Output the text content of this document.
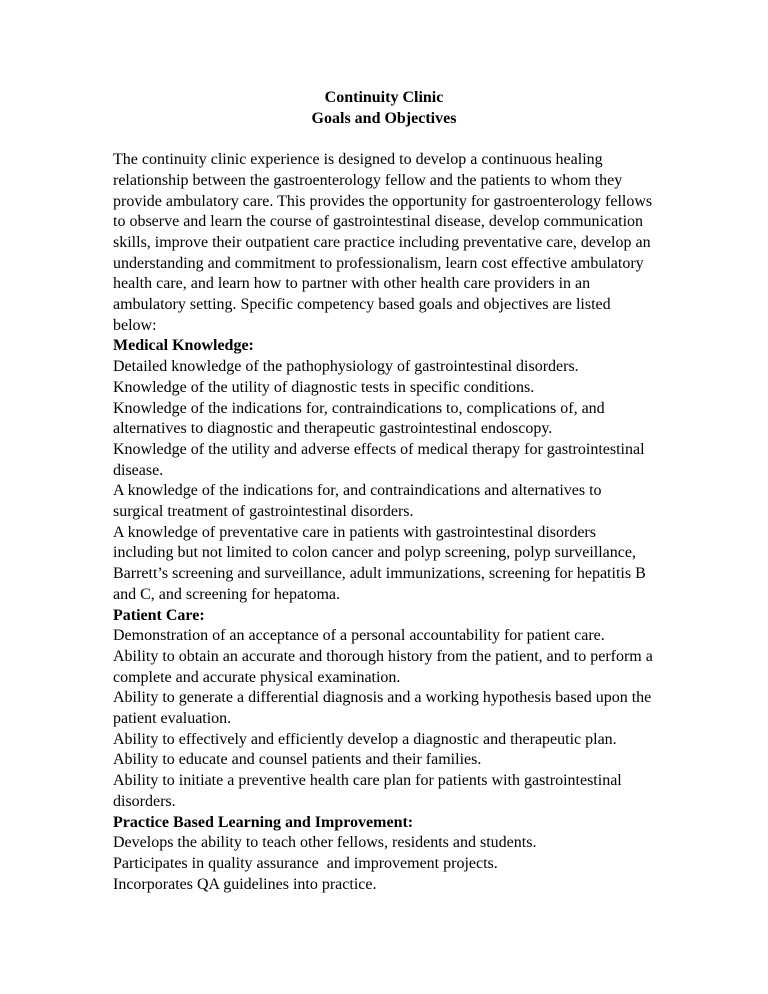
Continuity Clinic
Goals and Objectives

The continuity clinic experience is designed to develop a continuous healing relationship between the gastroenterology fellow and the patients to whom they provide ambulatory care. This provides the opportunity for gastroenterology fellows to observe and learn the course of gastrointestinal disease, develop communication skills, improve their outpatient care practice including preventative care, develop an understanding and commitment to professionalism, learn cost effective ambulatory health care, and learn how to partner with other health care providers in an ambulatory setting. Specific competency based goals and objectives are listed below:

Medical Knowledge:

Detailed knowledge of the pathophysiology of gastrointestinal disorders.

Knowledge of the utility of diagnostic tests in specific conditions.

Knowledge of the indications for, contraindications to, complications of, and alternatives to diagnostic and therapeutic gastrointestinal endoscopy.

Knowledge of the utility and adverse effects of medical therapy for gastrointestinal disease.

A knowledge of the indications for, and contraindications and alternatives to surgical treatment of gastrointestinal disorders.

A knowledge of preventative care in patients with gastrointestinal disorders including but not limited to colon cancer and polyp screening, polyp surveillance, Barrett’s screening and surveillance, adult immunizations, screening for hepatitis B and C, and screening for hepatoma.

Patient Care:

Demonstration of an acceptance of a personal accountability for patient care.

Ability to obtain an accurate and thorough history from the patient, and to perform a complete and accurate physical examination.

Ability to generate a differential diagnosis and a working hypothesis based upon the patient evaluation.

Ability to effectively and efficiently develop a diagnostic and therapeutic plan.

Ability to educate and counsel patients and their families.

Ability to initiate a preventive health care plan for patients with gastrointestinal disorders.

Practice Based Learning and Improvement:

Develops the ability to teach other fellows, residents and students.

Participates in quality assurance  and improvement projects.

Incorporates QA guidelines into practice.
